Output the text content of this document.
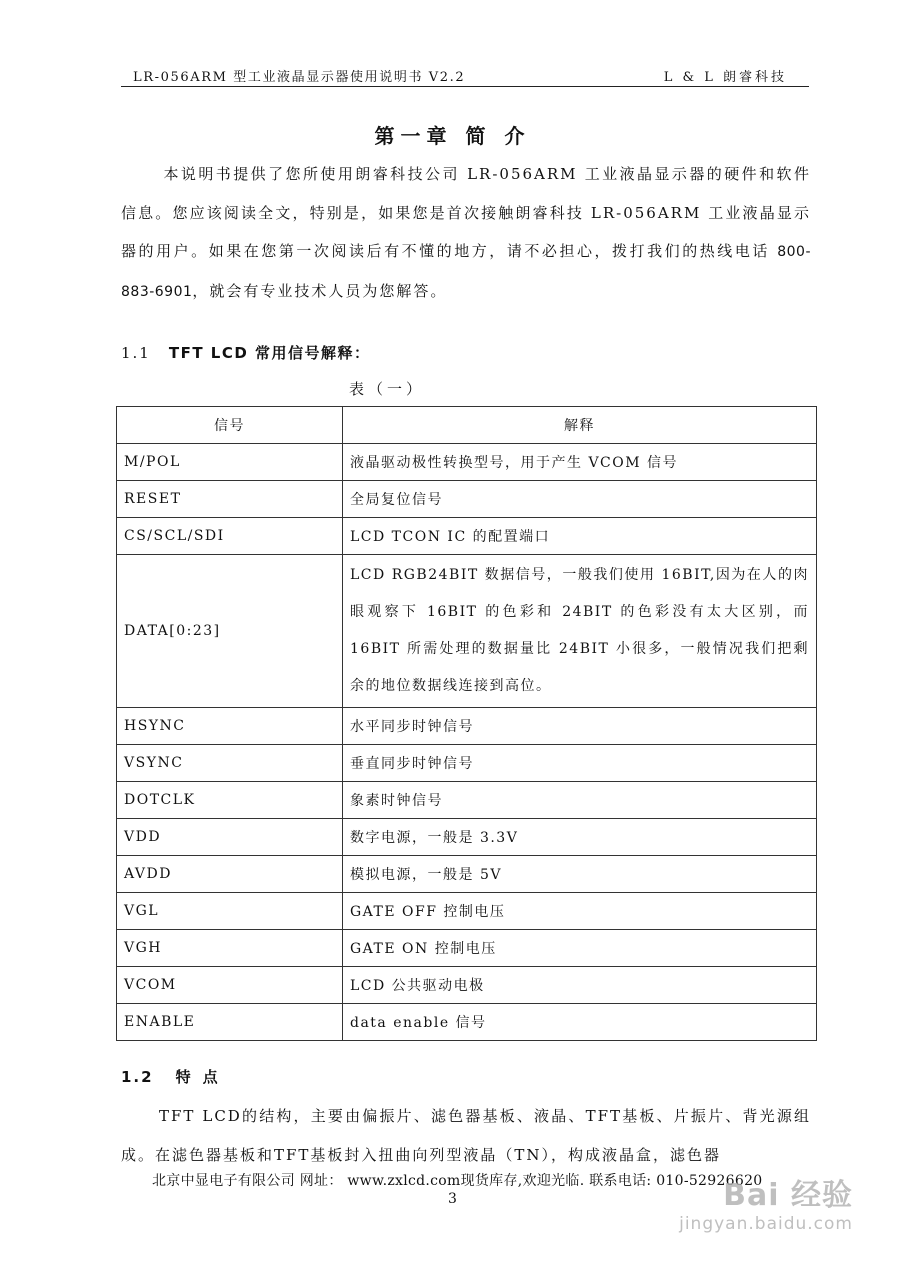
LR-056ARM 型工业液晶显示器使用说明书 V2.2	L & L 朗睿科技
第一章 简 介
本说明书提供了您所使用朗睿科技公司 LR-056ARM 工业液晶显示器的硬件和软件信息。您应该阅读全文，特别是，如果您是首次接触朗睿科技 LR-056ARM 工业液晶显示器的用户。如果在您第一次阅读后有不懂的地方，请不必担心，拨打我们的热线电话 800-883-6901，就会有专业技术人员为您解答。
1.1 TFT LCD 常用信号解释：
表（一）
信号	解释
M/POL	液晶驱动极性转换型号，用于产生 VCOM 信号
RESET	全局复位信号
CS/SCL/SDI	LCD TCON IC 的配置端口
DATA[0:23]	LCD RGB24BIT 数据信号，一般我们使用 16BIT,因为在人的肉眼观察下 16BIT 的色彩和 24BIT 的色彩没有太大区别，而 16BIT 所需处理的数据量比 24BIT 小很多，一般情况我们把剩余的地位数据线连接到高位。
HSYNC	水平同步时钟信号
VSYNC	垂直同步时钟信号
DOTCLK	象素时钟信号
VDD	数字电源，一般是 3.3V
AVDD	模拟电源，一般是 5V
VGL	GATE OFF 控制电压
VGH	GATE ON 控制电压
VCOM	LCD 公共驱动电极
ENABLE	data enable 信号
1.2 特点
TFT LCD的结构，主要由偏振片、滤色器基板、液晶、TFT基板、片振片、背光源组成。在滤色器基板和TFT基板封入扭曲向列型液晶（TN），构成液晶盒，滤色器
北京中显电子有限公司 网址： www.zxlcd.com现货库存,欢迎光临. 联系电话: 010-52926620
3	Bai 经验
jingyan.baidu.com
